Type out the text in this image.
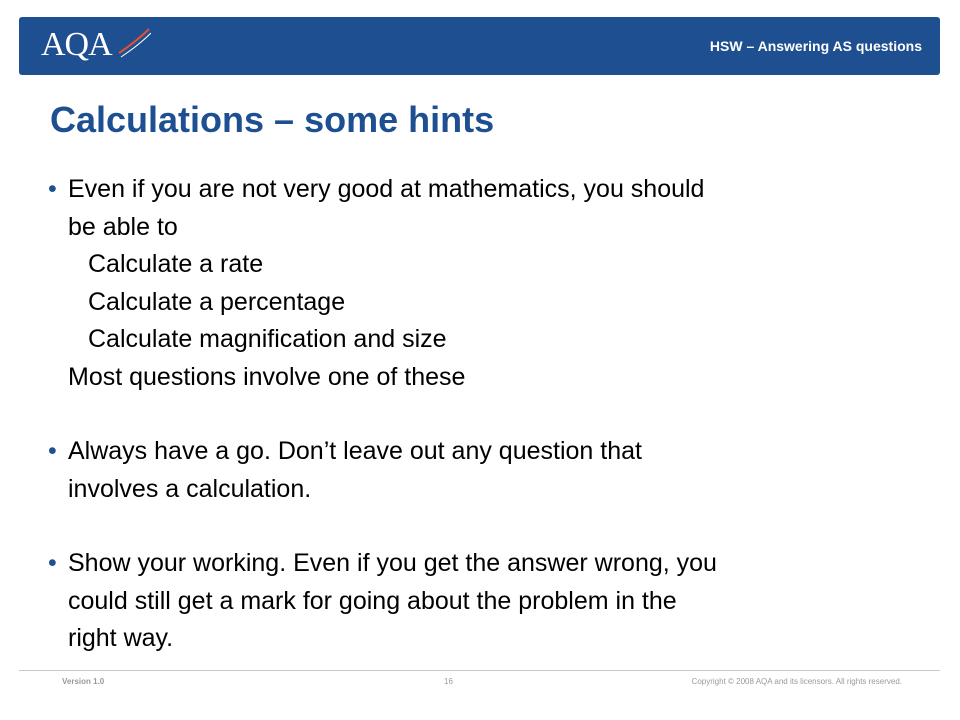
AQA	HSW – Answering AS questions
Calculations – some hints
• Even if you are not very good at mathematics, you should
be able to
Calculate a rate
Calculate a percentage
Calculate magnification and size
Most questions involve one of these
• Always have a go. Don’t leave out any question that
involves a calculation.
• Show your working. Even if you get the answer wrong, you
could still get a mark for going about the problem in the
right way.
Version 1.0	16	Copyright © 2008 AQA and its licensors. All rights reserved.
